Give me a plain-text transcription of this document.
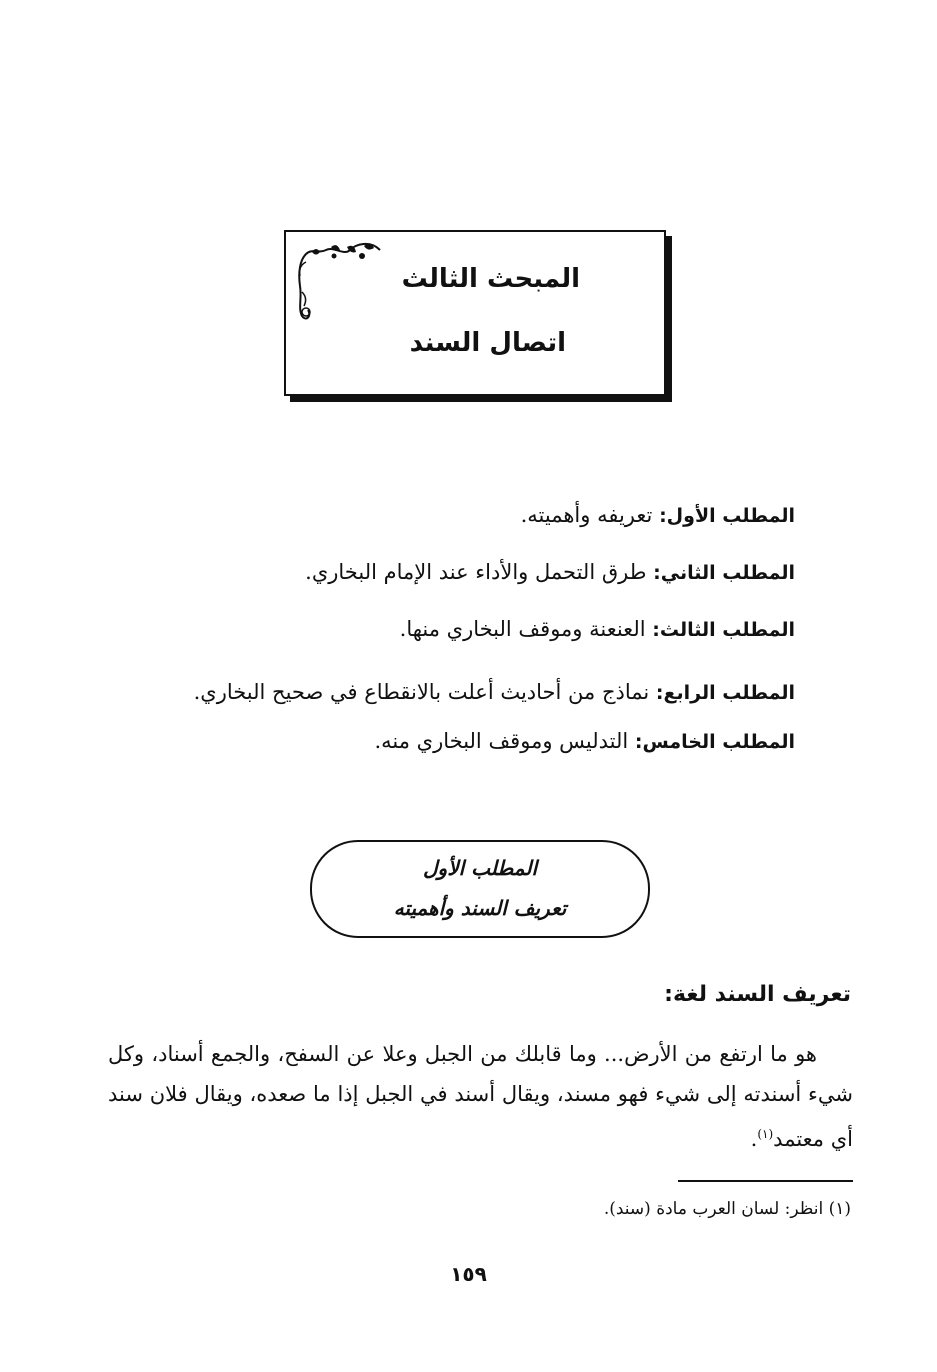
المبحث الثالث
اتصال السند
المطلب الأول: تعريفه وأهميته.
المطلب الثاني: طرق التحمل والأداء عند الإمام البخاري.
المطلب الثالث: العنعنة وموقف البخاري منها.
المطلب الرابع: نماذج من أحاديث أعلت بالانقطاع في صحيح البخاري.
المطلب الخامس: التدليس وموقف البخاري منه.
المطلب الأول
تعريف السند وأهميته
تعريف السند لغة:
هو ما ارتفع من الأرض... وما قابلك من الجبل وعلا عن السفح، والجمع أسناد، وكل شيء أسندته إلى شيء فهو مسند، ويقال أسند في الجبل إذا ما صعده، ويقال فلان سند أي معتمد$^{(١)}$.
(١) انظر: لسان العرب مادة (سند).
١٥٩
